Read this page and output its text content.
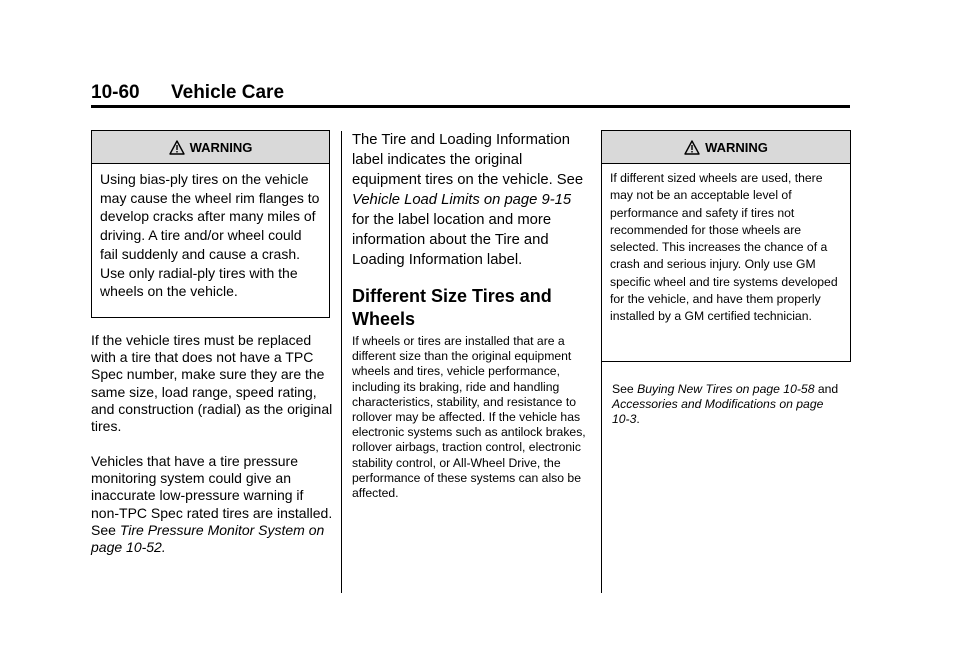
10-60 Vehicle Care
WARNING
Using bias-ply tires on the vehicle may cause the wheel rim flanges to develop cracks after many miles of driving. A tire and/or wheel could fail suddenly and cause a crash. Use only radial-ply tires with the wheels on the vehicle.
If the vehicle tires must be replaced with a tire that does not have a TPC Spec number, make sure they are the same size, load range, speed rating, and construction (radial) as the original tires.
Vehicles that have a tire pressure monitoring system could give an inaccurate low-pressure warning if non-TPC Spec rated tires are installed. See Tire Pressure Monitor System on page 10-52.
The Tire and Loading Information label indicates the original equipment tires on the vehicle. See Vehicle Load Limits on page 9-15 for the label location and more information about the Tire and Loading Information label.
Different Size Tires and Wheels
If wheels or tires are installed that are a different size than the original equipment wheels and tires, vehicle performance, including its braking, ride and handling characteristics, stability, and resistance to rollover may be affected. If the vehicle has electronic systems such as antilock brakes, rollover airbags, traction control, electronic stability control, or All-Wheel Drive, the performance of these systems can also be affected.
WARNING
If different sized wheels are used, there may not be an acceptable level of performance and safety if tires not recommended for those wheels are selected. This increases the chance of a crash and serious injury. Only use GM specific wheel and tire systems developed for the vehicle, and have them properly installed by a GM certified technician.
See Buying New Tires on page 10-58 and Accessories and Modifications on page 10-3.
